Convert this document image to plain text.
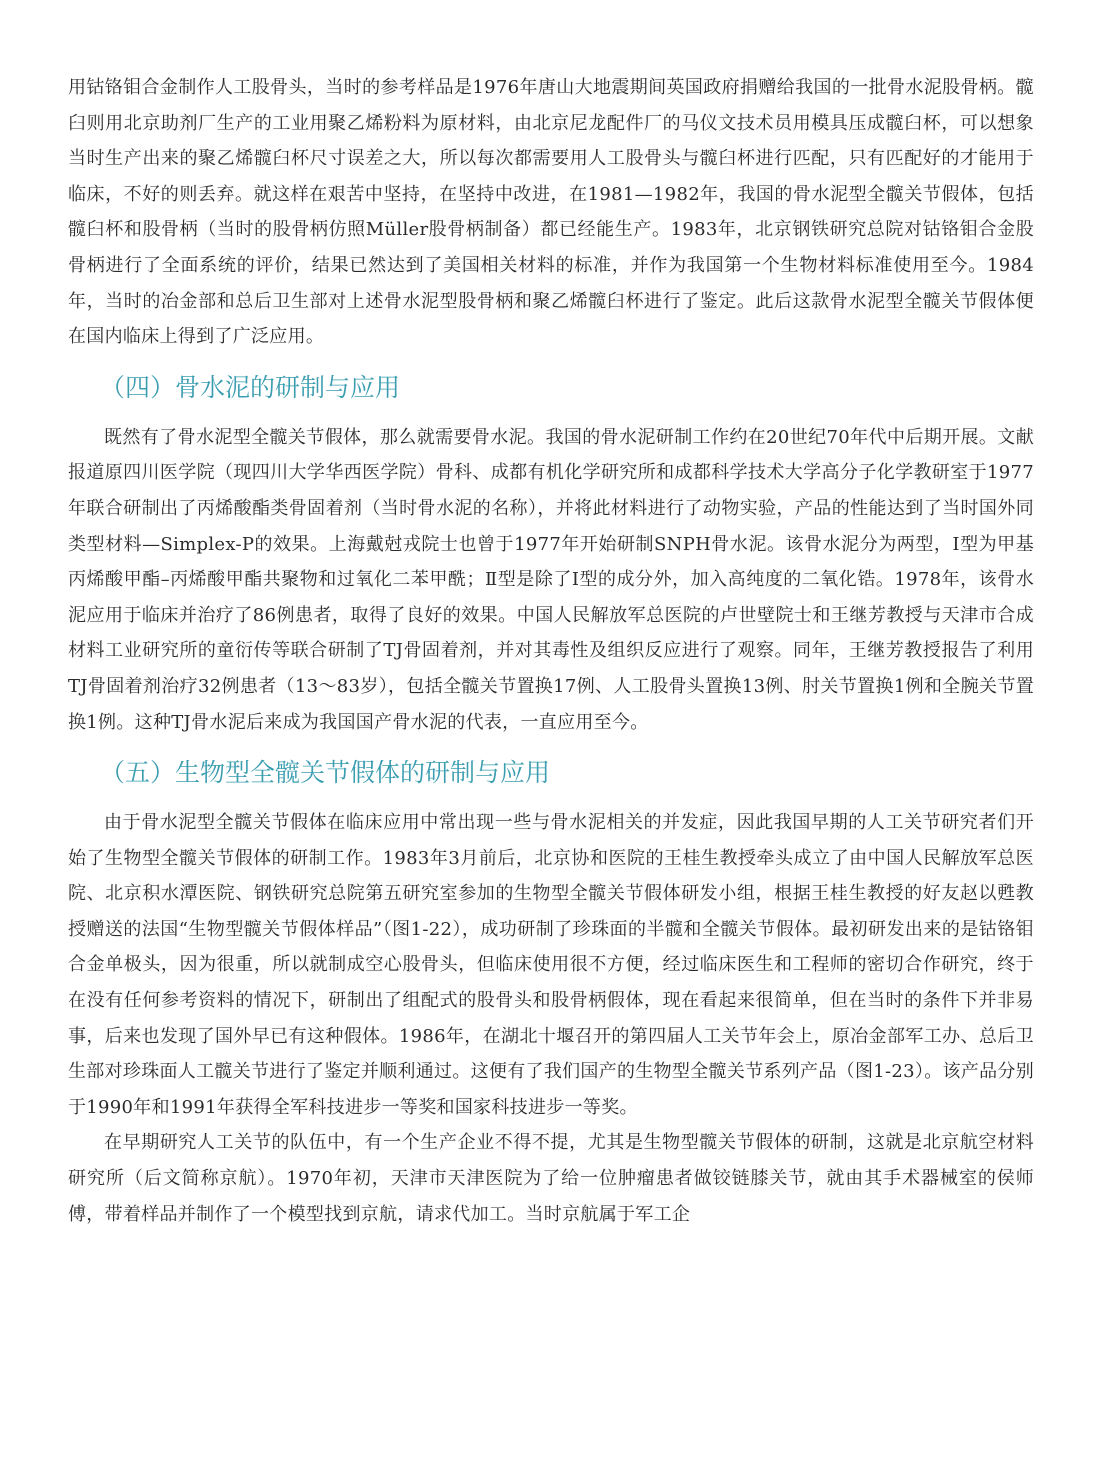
用钴铬钼合金制作人工股骨头，当时的参考样品是1976年唐山大地震期间英国政府捐赠给我国的一批骨水泥股骨柄。髋臼则用北京助剂厂生产的工业用聚乙烯粉料为原材料，由北京尼龙配件厂的马仪文技术员用模具压成髋臼杯，可以想象当时生产出来的聚乙烯髋臼杯尺寸误差之大，所以每次都需要用人工股骨头与髋臼杯进行匹配，只有匹配好的才能用于临床，不好的则丢弃。就这样在艰苦中坚持，在坚持中改进，在1981—1982年，我国的骨水泥型全髋关节假体，包括髋臼杯和股骨柄（当时的股骨柄仿照Müller股骨柄制备）都已经能生产。1983年，北京钢铁研究总院对钴铬钼合金股骨柄进行了全面系统的评价，结果已然达到了美国相关材料的标准，并作为我国第一个生物材料标准使用至今。1984年，当时的冶金部和总后卫生部对上述骨水泥型股骨柄和聚乙烯髋臼杯进行了鉴定。此后这款骨水泥型全髋关节假体便在国内临床上得到了广泛应用。

（四）骨水泥的研制与应用

既然有了骨水泥型全髋关节假体，那么就需要骨水泥。我国的骨水泥研制工作约在20世纪70年代中后期开展。文献报道原四川医学院（现四川大学华西医学院）骨科、成都有机化学研究所和成都科学技术大学高分子化学教研室于1977年联合研制出了丙烯酸酯类骨固着剂（当时骨水泥的名称），并将此材料进行了动物实验，产品的性能达到了当时国外同类型材料—Simplex-P的效果。上海戴尅戎院士也曾于1977年开始研制SNPH骨水泥。该骨水泥分为两型，Ⅰ型为甲基丙烯酸甲酯–丙烯酸甲酯共聚物和过氧化二苯甲酰；Ⅱ型是除了Ⅰ型的成分外，加入高纯度的二氧化锆。1978年，该骨水泥应用于临床并治疗了86例患者，取得了良好的效果。中国人民解放军总医院的卢世壁院士和王继芳教授与天津市合成材料工业研究所的童衍传等联合研制了TJ骨固着剂，并对其毒性及组织反应进行了观察。同年，王继芳教授报告了利用TJ骨固着剂治疗32例患者（13～83岁），包括全髋关节置换17例、人工股骨头置换13例、肘关节置换1例和全腕关节置换1例。这种TJ骨水泥后来成为我国国产骨水泥的代表，一直应用至今。

（五）生物型全髋关节假体的研制与应用

由于骨水泥型全髋关节假体在临床应用中常出现一些与骨水泥相关的并发症，因此我国早期的人工关节研究者们开始了生物型全髋关节假体的研制工作。1983年3月前后，北京协和医院的王桂生教授牵头成立了由中国人民解放军总医院、北京积水潭医院、钢铁研究总院第五研究室参加的生物型全髋关节假体研发小组，根据王桂生教授的好友赵以甦教授赠送的法国“生物型髋关节假体样品”（图1-22），成功研制了珍珠面的半髋和全髋关节假体。最初研发出来的是钴铬钼合金单极头，因为很重，所以就制成空心股骨头，但临床使用很不方便，经过临床医生和工程师的密切合作研究，终于在没有任何参考资料的情况下，研制出了组配式的股骨头和股骨柄假体，现在看起来很简单，但在当时的条件下并非易事，后来也发现了国外早已有这种假体。1986年，在湖北十堰召开的第四届人工关节年会上，原冶金部军工办、总后卫生部对珍珠面人工髋关节进行了鉴定并顺利通过。这便有了我们国产的生物型全髋关节系列产品（图1-23）。该产品分别于1990年和1991年获得全军科技进步一等奖和国家科技进步一等奖。

在早期研究人工关节的队伍中，有一个生产企业不得不提，尤其是生物型髋关节假体的研制，这就是北京航空材料研究所（后文简称京航）。1970年初，天津市天津医院为了给一位肿瘤患者做铰链膝关节，就由其手术器械室的侯师傅，带着样品并制作了一个模型找到京航，请求代加工。当时京航属于军工企
